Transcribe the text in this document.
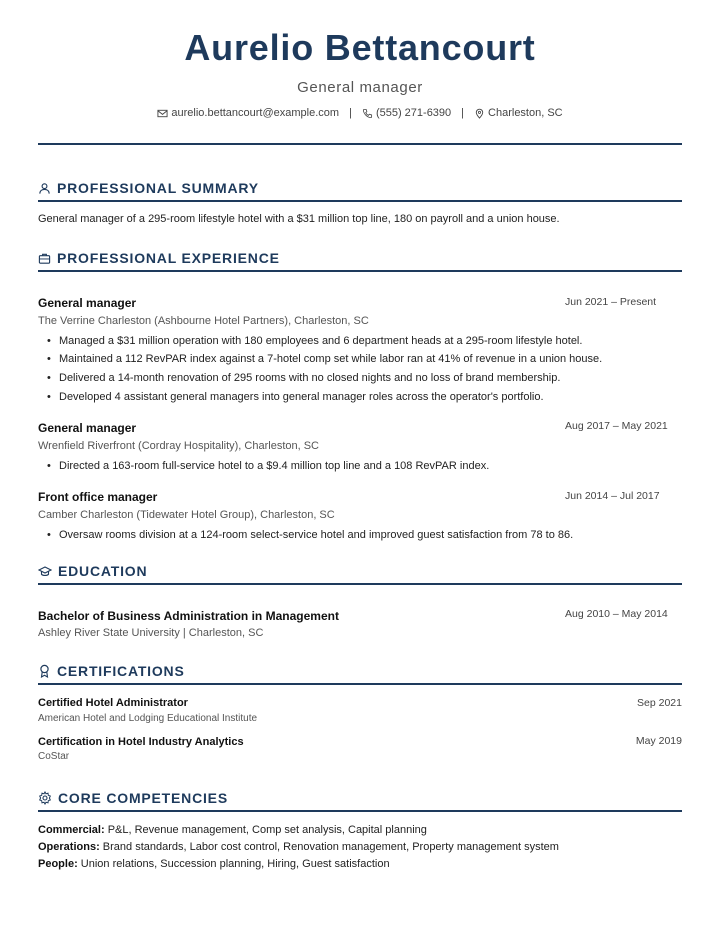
Aurelio Bettancourt
General manager
aurelio.bettancourt@example.com | (555) 271-6390 | Charleston, SC
PROFESSIONAL SUMMARY
General manager of a 295-room lifestyle hotel with a $31 million top line, 180 on payroll and a union house.
PROFESSIONAL EXPERIENCE
General manager	Jun 2021 – Present
The Verrine Charleston (Ashbourne Hotel Partners), Charleston, SC
• Managed a $31 million operation with 180 employees and 6 department heads at a 295-room lifestyle hotel.
• Maintained a 112 RevPAR index against a 7-hotel comp set while labor ran at 41% of revenue in a union house.
• Delivered a 14-month renovation of 295 rooms with no closed nights and no loss of brand membership.
• Developed 4 assistant general managers into general manager roles across the operator's portfolio.
General manager	Aug 2017 – May 2021
Wrenfield Riverfront (Cordray Hospitality), Charleston, SC
• Directed a 163-room full-service hotel to a $9.4 million top line and a 108 RevPAR index.
Front office manager	Jun 2014 – Jul 2017
Camber Charleston (Tidewater Hotel Group), Charleston, SC
• Oversaw rooms division at a 124-room select-service hotel and improved guest satisfaction from 78 to 86.
EDUCATION
Bachelor of Business Administration in Management	Aug 2010 – May 2014
Ashley River State University | Charleston, SC
CERTIFICATIONS
Certified Hotel Administrator	Sep 2021
American Hotel and Lodging Educational Institute
Certification in Hotel Industry Analytics	May 2019
CoStar
CORE COMPETENCIES
Commercial: P&L, Revenue management, Comp set analysis, Capital planning
Operations: Brand standards, Labor cost control, Renovation management, Property management system
People: Union relations, Succession planning, Hiring, Guest satisfaction
